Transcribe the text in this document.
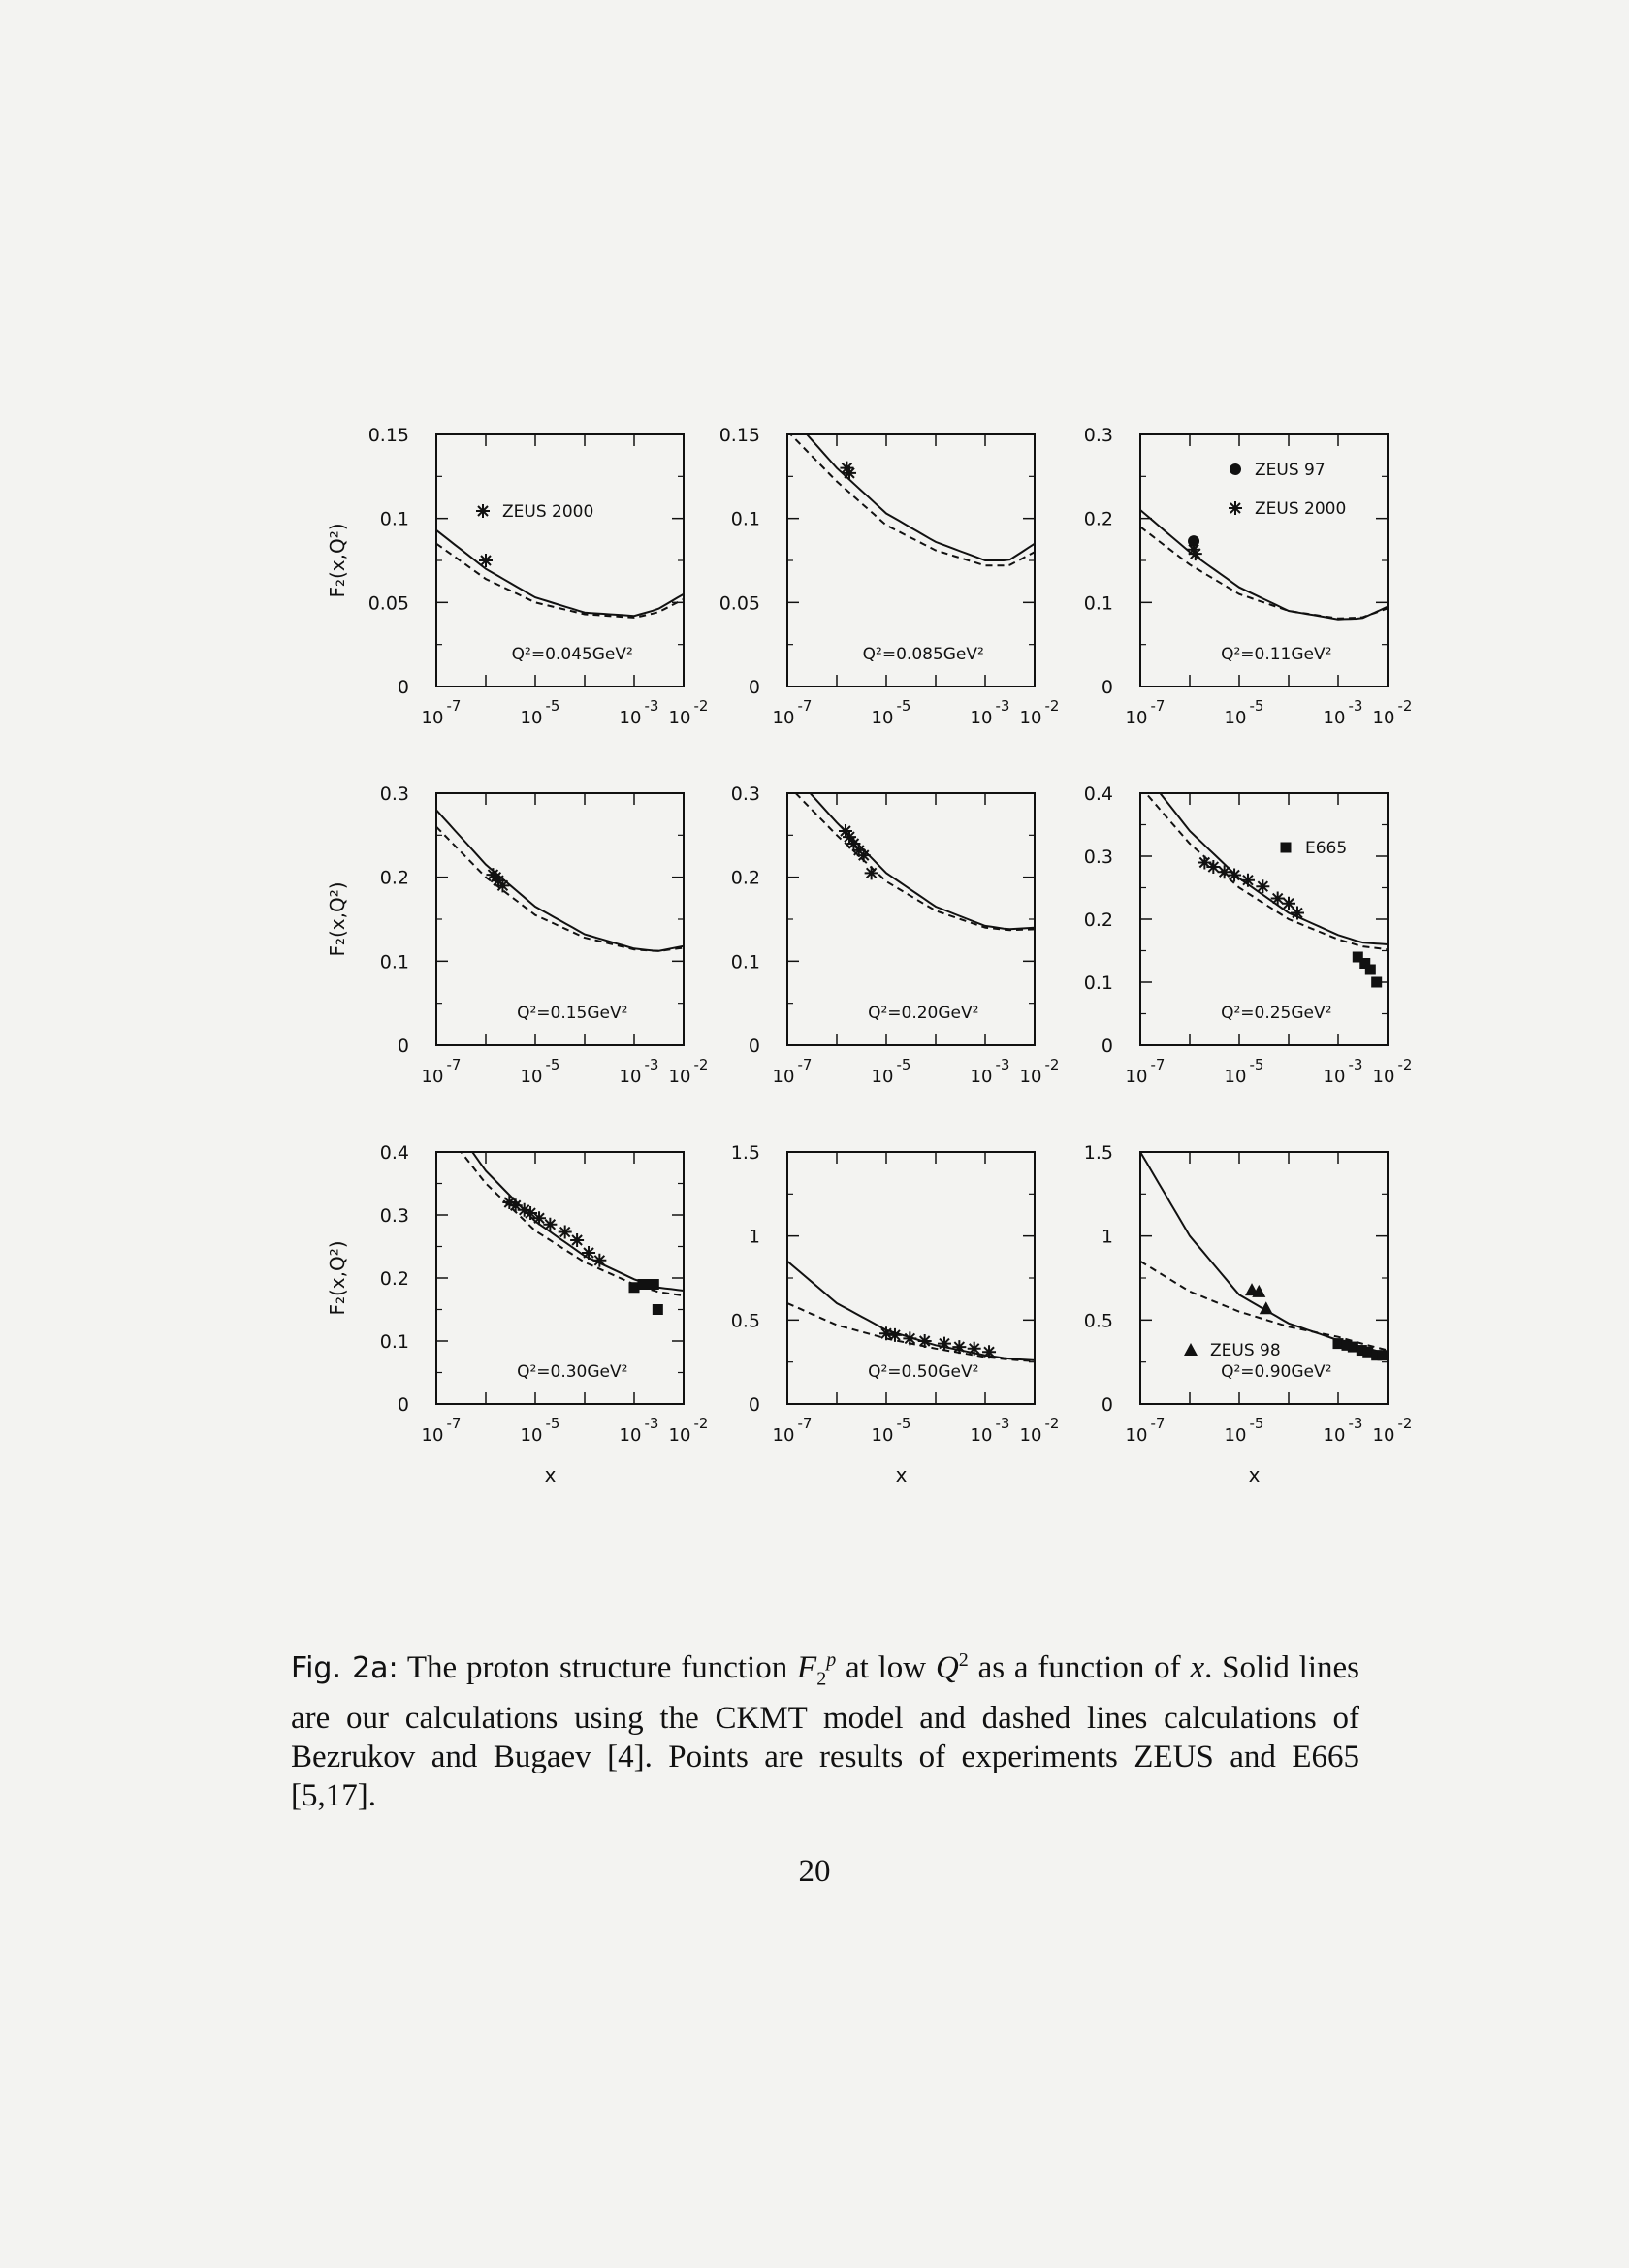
0
0.05
0.1
0.15
10
-7
10
-5
10
-3
10
-2
Q²=0.045GeV²
ZEUS 2000
F₂(x,Q²)
0
0.05
0.1
0.15
10
-7
10
-5
10
-3
10
-2
Q²=0.085GeV²
0
0.1
0.2
0.3
10
-7
10
-5
10
-3
10
-2
Q²=0.11GeV²
ZEUS 97
ZEUS 2000
0
0.1
0.2
0.3
10
-7
10
-5
10
-3
10
-2
Q²=0.15GeV²
F₂(x,Q²)
0
0.1
0.2
0.3
10
-7
10
-5
10
-3
10
-2
Q²=0.20GeV²
0
0.1
0.2
0.3
0.4
10
-7
10
-5
10
-3
10
-2
Q²=0.25GeV²
E665
0
0.1
0.2
0.3
0.4
10
-7
10
-5
10
-3
10
-2
Q²=0.30GeV²
F₂(x,Q²)
x
0
0.5
1
1.5
10
-7
10
-5
10
-3
10
-2
Q²=0.50GeV²
x
0
0.5
1
1.5
10
-7
10
-5
10
-3
10
-2
Q²=0.90GeV²
ZEUS 98
x
Fig. 2a: The proton structure function $F_2^p$ at low $Q^2$ as a function of x. Solid lines are our calculations using the CKMT model and dashed lines calculations of Bezrukov and Bugaev [4]. Points are results of experiments ZEUS and E665 [5,17].
20
